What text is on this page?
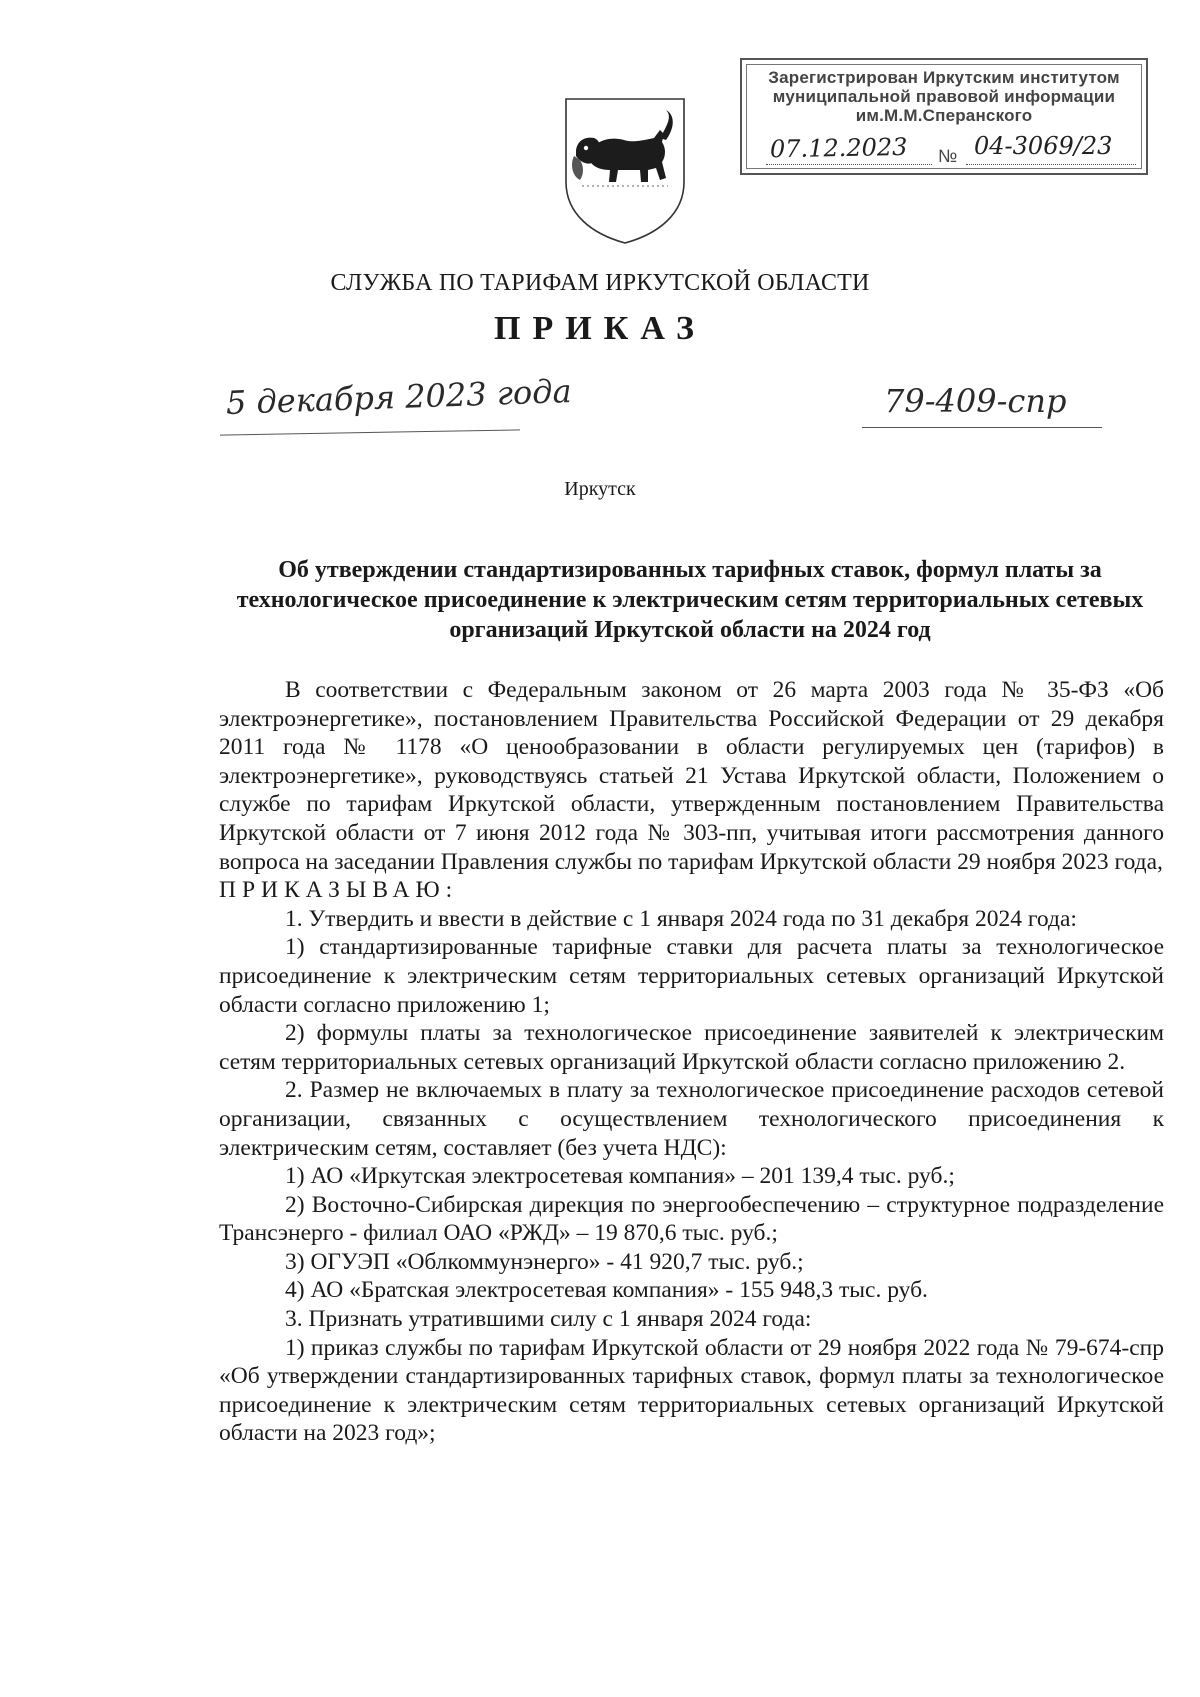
Зарегистрирован Иркутским институтом
муниципальной правовой информации
им.М.М.Сперанского
07.12.2023	№ 04-3069/23
СЛУЖБА ПО ТАРИФАМ ИРКУТСКОЙ ОБЛАСТИ
ПРИКАЗ
5 декабря 2023 года	79-409-спр
Иркутск
Об утверждении стандартизированных тарифных ставок, формул платы за технологическое присоединение к электрическим сетям территориальных сетевых организаций Иркутской области на 2024 год

В соответствии с Федеральным законом от 26 марта 2003 года № 35-ФЗ «Об электроэнергетике», постановлением Правительства Российской Федерации от 29 декабря 2011 года № 1178 «О ценообразовании в области регулируемых цен (тарифов) в электроэнергетике», руководствуясь статьей 21 Устава Иркутской области, Положением о службе по тарифам Иркутской области, утвержденным постановлением Правительства Иркутской области от 7 июня 2012 года № 303-пп, учитывая итоги рассмотрения данного вопроса на заседании Правления службы по тарифам Иркутской области 29 ноября 2023 года,

ПРИКАЗЫВАЮ:

1. Утвердить и ввести в действие с 1 января 2024 года по 31 декабря 2024 года:

1) стандартизированные тарифные ставки для расчета платы за технологическое присоединение к электрическим сетям территориальных сетевых организаций Иркутской области согласно приложению 1;

2) формулы платы за технологическое присоединение заявителей к электрическим сетям территориальных сетевых организаций Иркутской области согласно приложению 2.

2. Размер не включаемых в плату за технологическое присоединение расходов сетевой организации, связанных с осуществлением технологического присоединения к электрическим сетям, составляет (без учета НДС):

1) АО «Иркутская электросетевая компания» – 201 139,4 тыс. руб.;

2) Восточно-Сибирская дирекция по энергообеспечению – структурное подразделение Трансэнерго - филиал ОАО «РЖД» – 19 870,6 тыс. руб.;

3) ОГУЭП «Облкоммунэнерго» - 41 920,7 тыс. руб.;

4) АО «Братская электросетевая компания» - 155 948,3 тыс. руб.

3. Признать утратившими силу с 1 января 2024 года:

1) приказ службы по тарифам Иркутской области от 29 ноября 2022 года № 79-674-спр «Об утверждении стандартизированных тарифных ставок, формул платы за технологическое присоединение к электрическим сетям территориальных сетевых организаций Иркутской области на 2023 год»;
